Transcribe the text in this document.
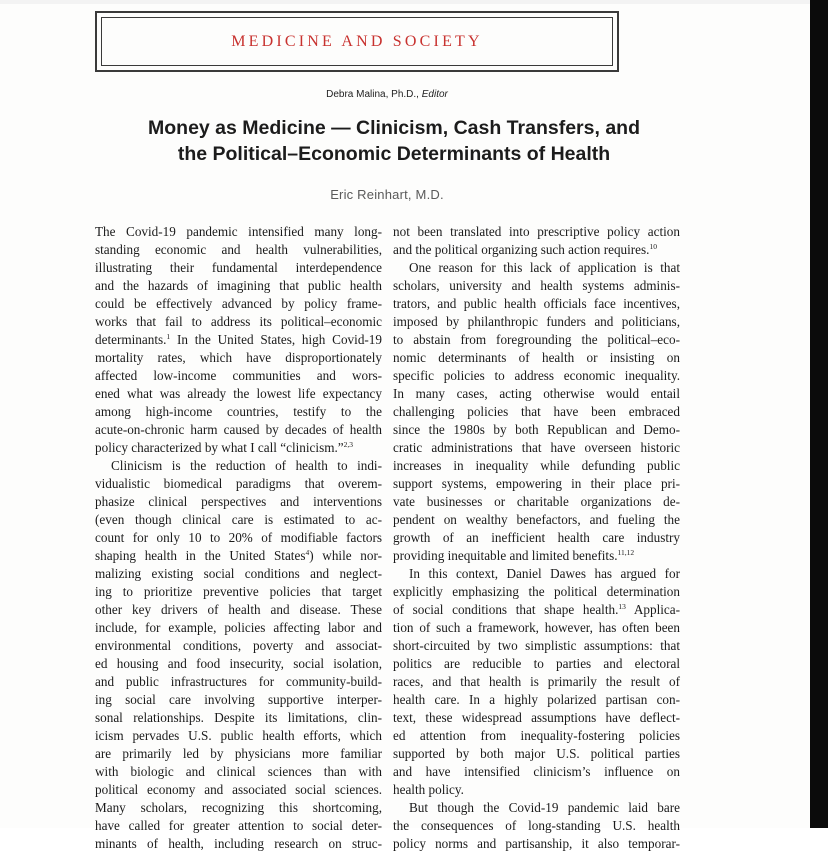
MEDICINE AND SOCIETY
Debra Malina, Ph.D., Editor
Money as Medicine — Clinicism, Cash Transfers, and
the Political–Economic Determinants of Health
Eric Reinhart, M.D.
The Covid-19 pandemic intensified many long-
standing economic and health vulnerabilities,
illustrating their fundamental interdependence
and the hazards of imagining that public health
could be effectively advanced by policy frame-
works that fail to address its political–economic
determinants.$^1$ In the United States, high Covid-19
mortality rates, which have disproportionately
affected low-income communities and wors-
ened what was already the lowest life expectancy
among high-income countries, testify to the
acute-on-chronic harm caused by decades of health
policy characterized by what I call “clinicism.”$^{2,3}$
Clinicism is the reduction of health to indi-
vidualistic biomedical paradigms that overem-
phasize clinical perspectives and interventions
(even though clinical care is estimated to ac-
count for only 10 to 20% of modifiable factors
shaping health in the United States$^4$) while nor-
malizing existing social conditions and neglect-
ing to prioritize preventive policies that target
other key drivers of health and disease. These
include, for example, policies affecting labor and
environmental conditions, poverty and associat-
ed housing and food insecurity, social isolation,
and public infrastructures for community-build-
ing social care involving supportive interper-
sonal relationships. Despite its limitations, clin-
icism pervades U.S. public health efforts, which
are primarily led by physicians more familiar
with biologic and clinical sciences than with
political economy and associated social sciences.
Many scholars, recognizing this shortcoming,
have called for greater attention to social deter-
minants of health, including research on struc-
not been translated into prescriptive policy action
and the political organizing such action requires.$^{10}$
One reason for this lack of application is that
scholars, university and health systems adminis-
trators, and public health officials face incentives,
imposed by philanthropic funders and politicians,
to abstain from foregrounding the political–eco-
nomic determinants of health or insisting on
specific policies to address economic inequality.
In many cases, acting otherwise would entail
challenging policies that have been embraced
since the 1980s by both Republican and Demo-
cratic administrations that have overseen historic
increases in inequality while defunding public
support systems, empowering in their place pri-
vate businesses or charitable organizations de-
pendent on wealthy benefactors, and fueling the
growth of an inefficient health care industry
providing inequitable and limited benefits.$^{11,12}$
In this context, Daniel Dawes has argued for
explicitly emphasizing the political determination
of social conditions that shape health.$^{13}$ Applica-
tion of such a framework, however, has often been
short-circuited by two simplistic assumptions: that
politics are reducible to parties and electoral
races, and that health is primarily the result of
health care. In a highly polarized partisan con-
text, these widespread assumptions have deflect-
ed attention from inequality-fostering policies
supported by both major U.S. political parties
and have intensified clinicism’s influence on
health policy.
But though the Covid-19 pandemic laid bare
the consequences of long-standing U.S. health
policy norms and partisanship, it also temporar-
